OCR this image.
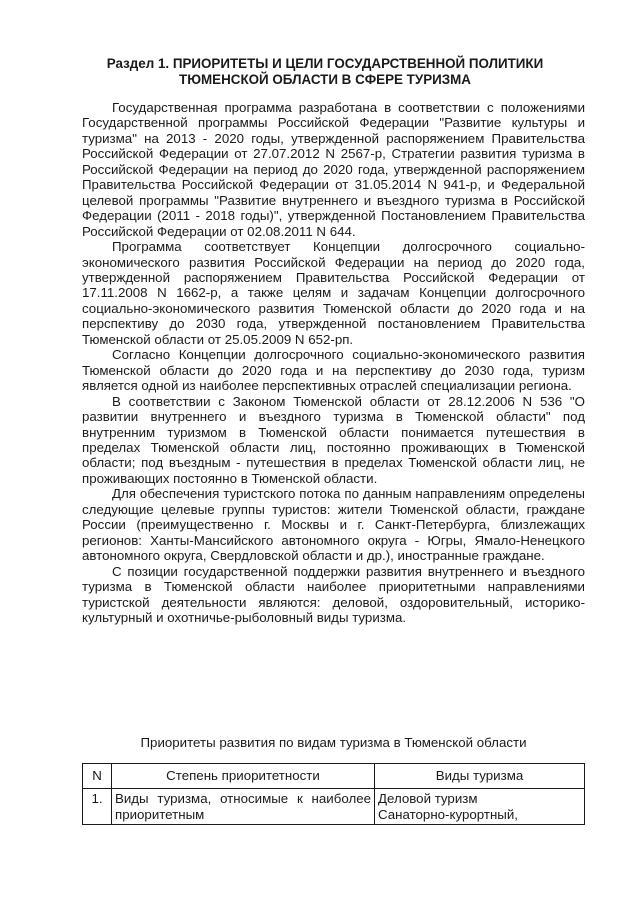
Раздел 1. ПРИОРИТЕТЫ И ЦЕЛИ ГОСУДАРСТВЕННОЙ ПОЛИТИКИ
ТЮМЕНСКОЙ ОБЛАСТИ В СФЕРЕ ТУРИЗМА

Государственная программа разработана в соответствии с положениями Государственной программы Российской Федерации "Развитие культуры и туризма" на 2013 - 2020 годы, утвержденной распоряжением Правительства Российской Федерации от 27.07.2012 N 2567-р, Стратегии развития туризма в Российской Федерации на период до 2020 года, утвержденной распоряжением Правительства Российской Федерации от 31.05.2014 N 941-р, и Федеральной целевой программы "Развитие внутреннего и въездного туризма в Российской Федерации (2011 - 2018 годы)", утвержденной Постановлением Правительства Российской Федерации от 02.08.2011 N 644.

Программа соответствует Концепции долгосрочного социально-экономического развития Российской Федерации на период до 2020 года, утвержденной распоряжением Правительства Российской Федерации от 17.11.2008 N 1662-р, а также целям и задачам Концепции долгосрочного социально-экономического развития Тюменской области до 2020 года и на перспективу до 2030 года, утвержденной постановлением Правительства Тюменской области от 25.05.2009 N 652-рп.

Согласно Концепции долгосрочного социально-экономического развития Тюменской области до 2020 года и на перспективу до 2030 года, туризм является одной из наиболее перспективных отраслей специализации региона.

В соответствии с Законом Тюменской области от 28.12.2006 N 536 "О развитии внутреннего и въездного туризма в Тюменской области" под внутренним туризмом в Тюменской области понимается путешествия в пределах Тюменской области лиц, постоянно проживающих в Тюменской области; под въездным - путешествия в пределах Тюменской области лиц, не проживающих постоянно в Тюменской области.

Для обеспечения туристского потока по данным направлениям определены следующие целевые группы туристов: жители Тюменской области, граждане России (преимущественно г. Москвы и г. Санкт-Петербурга, близлежащих регионов: Ханты-Мансийского автономного округа - Югры, Ямало-Ненецкого автономного округа, Свердловской области и др.), иностранные граждане.

С позиции государственной поддержки развития внутреннего и въездного туризма в Тюменской области наиболее приоритетными направлениями туристской деятельности являются: деловой, оздоровительный, историко-культурный и охотничье-рыболовный виды туризма.

Приоритеты развития по видам туризма в Тюменской области

N	Степень приоритетности	Виды туризма
1.	Виды туризма, относимые к наиболее приоритетным	Деловой туризм
Санаторно-курортный,
